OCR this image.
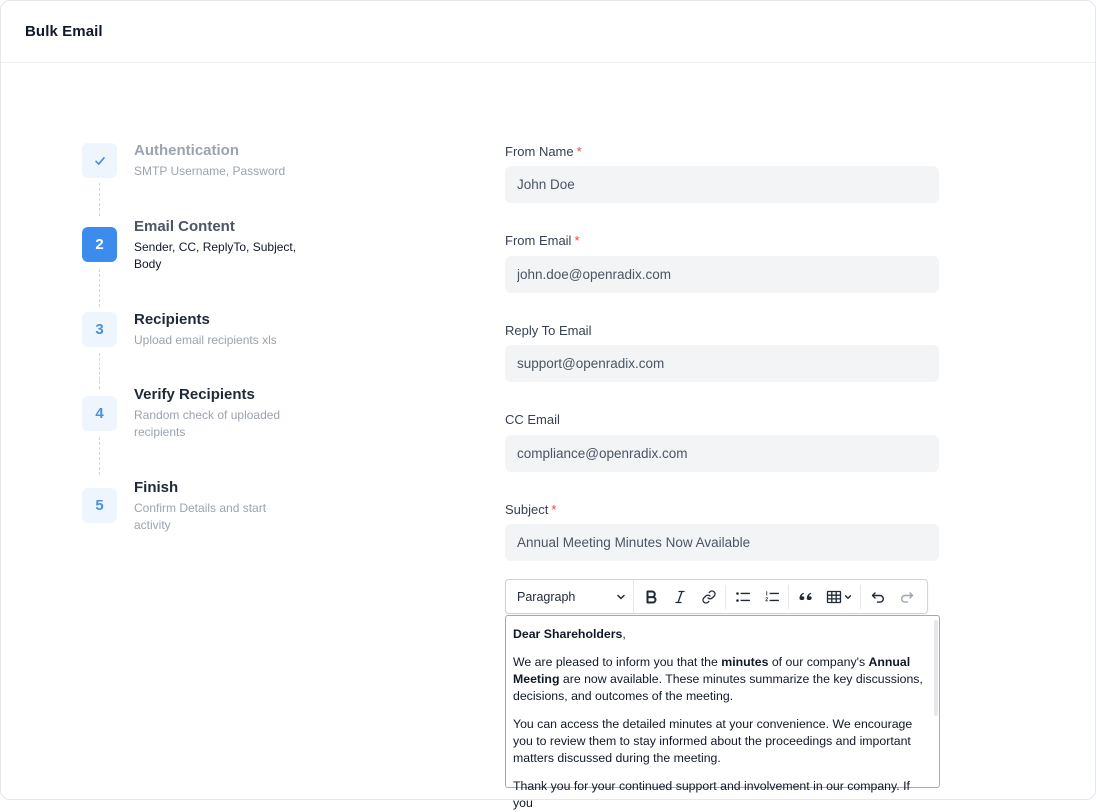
Bulk Email
Authentication
SMTP Username, Password
2
Email Content
Sender, CC, ReplyTo, Subject, Body
3
Recipients
Upload email recipients xls
4
Verify Recipients
Random check of uploaded recipients
5
Finish
Confirm Details and start activity
From Name *
John Doe
From Email *
john.doe@openradix.com
Reply To Email
support@openradix.com
CC Email
compliance@openradix.com
Subject *
Annual Meeting Minutes Now Available
Paragraph

Dear Shareholders,

We are pleased to inform you that the minutes of our company's Annual Meeting are now available. These minutes summarize the key discussions, decisions, and outcomes of the meeting.

You can access the detailed minutes at your convenience. We encourage you to review them to stay informed about the proceedings and important matters discussed during the meeting.

Thank you for your continued support and involvement in our company. If you
